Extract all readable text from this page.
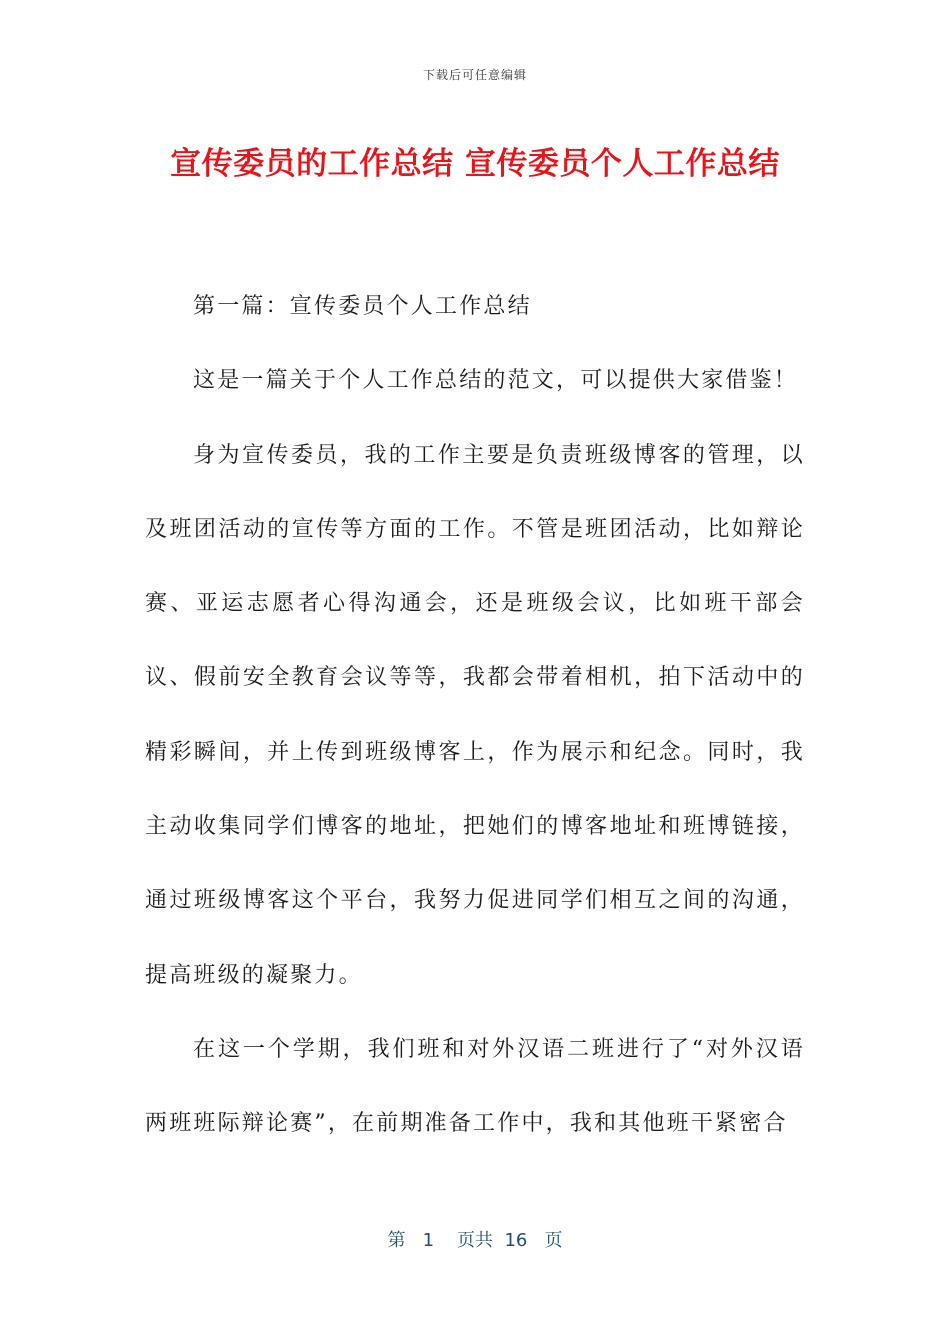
下载后可任意编辑
宣传委员的工作总结 宣传委员个人工作总结

第一篇：宣传委员个人工作总结

这是一篇关于个人工作总结的范文，可以提供大家借鉴！

身为宣传委员，我的工作主要是负责班级博客的管理，以及班团活动的宣传等方面的工作。不管是班团活动，比如辩论赛、亚运志愿者心得沟通会，还是班级会议，比如班干部会议、假前安全教育会议等等，我都会带着相机，拍下活动中的精彩瞬间，并上传到班级博客上，作为展示和纪念。同时，我主动收集同学们博客的地址，把她们的博客地址和班博链接，通过班级博客这个平台，我努力促进同学们相互之间的沟通，提高班级的凝聚力。

在这一个学期，我们班和对外汉语二班进行了“对外汉语两班班际辩论赛”，在前期准备工作中，我和其他班干紧密合

第 1 页共 16 页
